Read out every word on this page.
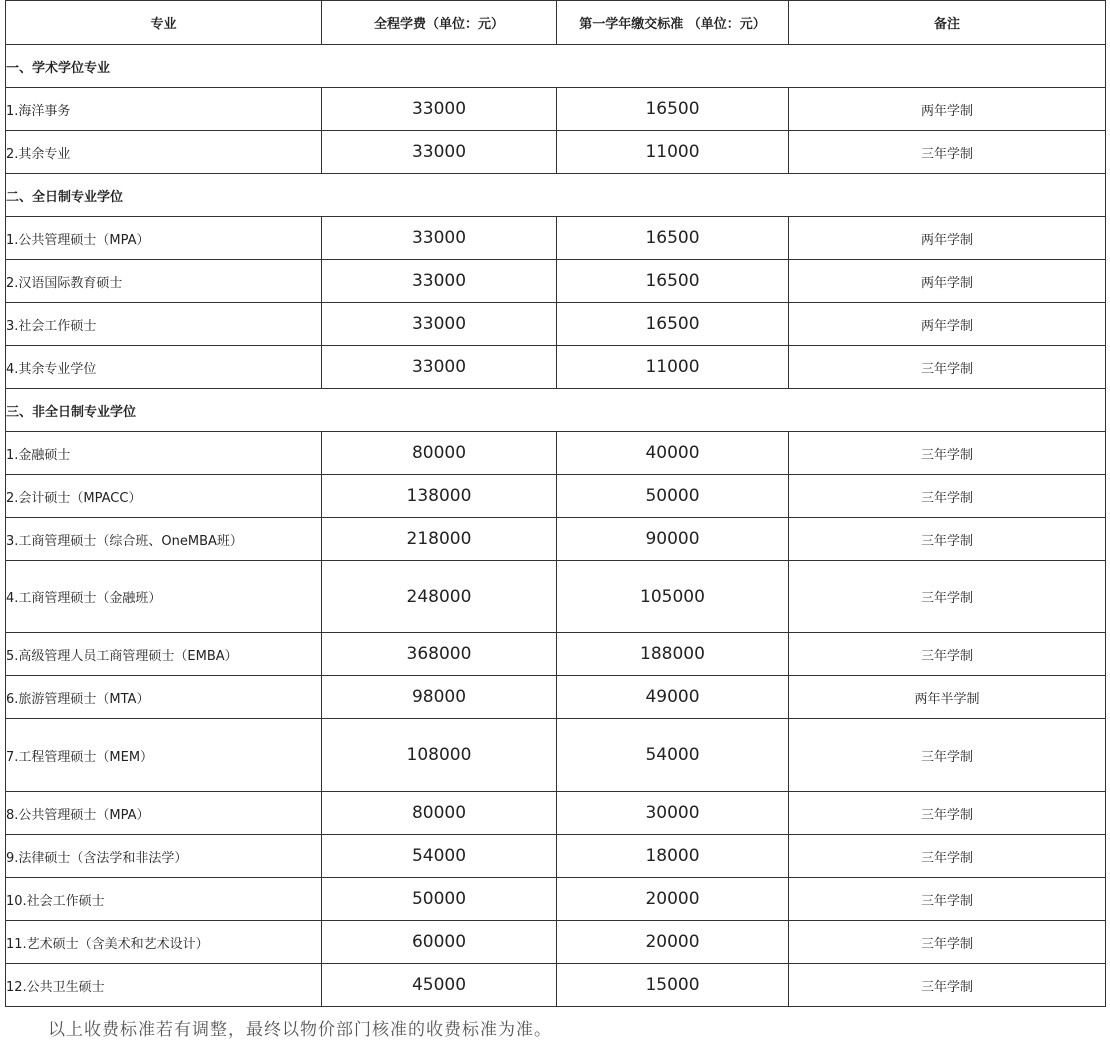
专业	全程学费（单位：元）	第一学年缴交标准 （单位：元）	备注
一、学术学位专业			
1.海洋事务	33000	16500	两年学制
2.其余专业	33000	11000	三年学制
二、全日制专业学位			
1.公共管理硕士（MPA）	33000	16500	两年学制
2.汉语国际教育硕士	33000	16500	两年学制
3.社会工作硕士	33000	16500	两年学制
4.其余专业学位	33000	11000	三年学制
三、非全日制专业学位			
1.金融硕士	80000	40000	三年学制
2.会计硕士（MPACC）	138000	50000	三年学制
3.工商管理硕士（综合班、OneMBA班）	218000	90000	三年学制
4.工商管理硕士（金融班）	248000	105000	三年学制
5.高级管理人员工商管理硕士（EMBA）	368000	188000	三年学制
6.旅游管理硕士（MTA）	98000	49000	两年半学制
7.工程管理硕士（MEM）	108000	54000	三年学制
8.公共管理硕士（MPA）	80000	30000	三年学制
9.法律硕士（含法学和非法学）	54000	18000	三年学制
10.社会工作硕士	50000	20000	三年学制
11.艺术硕士（含美术和艺术设计）	60000	20000	三年学制
12.公共卫生硕士	45000	15000	三年学制
以上收费标准若有调整，最终以物价部门核准的收费标准为准。
